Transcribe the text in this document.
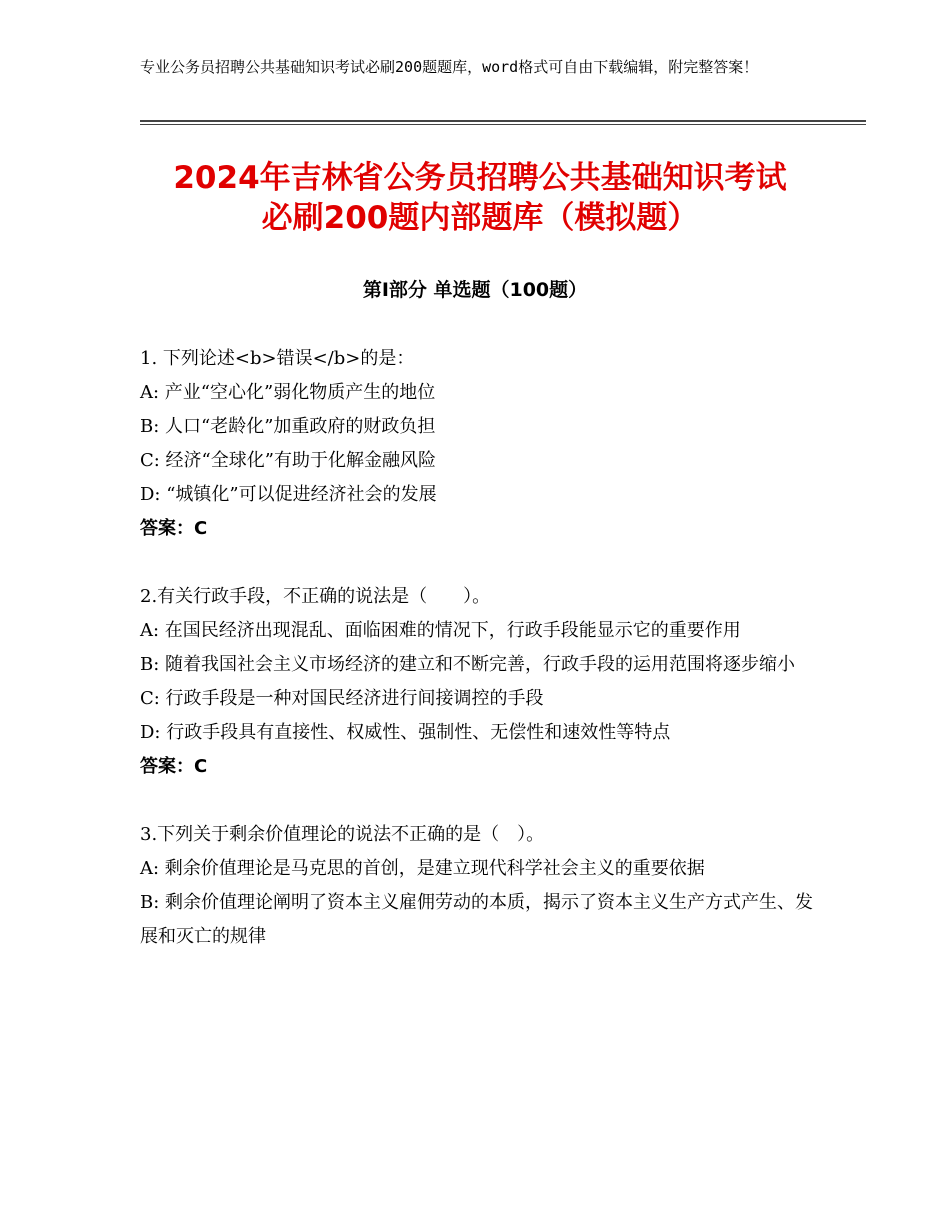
专业公务员招聘公共基础知识考试必刷200题题库，word格式可自由下载编辑，附完整答案！
2024年吉林省公务员招聘公共基础知识考试
必刷200题内部题库（模拟题）
第Ⅰ部分 单选题（100题）
1. 下列论述<b>错误</b>的是：
A: 产业“空心化”弱化物质产生的地位
B: 人口“老龄化”加重政府的财政负担
C: 经济“全球化”有助于化解金融风险
D: “城镇化”可以促进经济社会的发展
答案：C
2.有关行政手段，不正确的说法是（　　）。
A: 在国民经济出现混乱、面临困难的情况下，行政手段能显示它的重要作用
B: 随着我国社会主义市场经济的建立和不断完善，行政手段的运用范围将逐步缩小
C: 行政手段是一种对国民经济进行间接调控的手段
D: 行政手段具有直接性、权威性、强制性、无偿性和速效性等特点
答案：C
3.下列关于剩余价值理论的说法不正确的是（　）。
A: 剩余价值理论是马克思的首创，是建立现代科学社会主义的重要依据
B: 剩余价值理论阐明了资本主义雇佣劳动的本质，揭示了资本主义生产方式产生、发展和灭亡的规律
